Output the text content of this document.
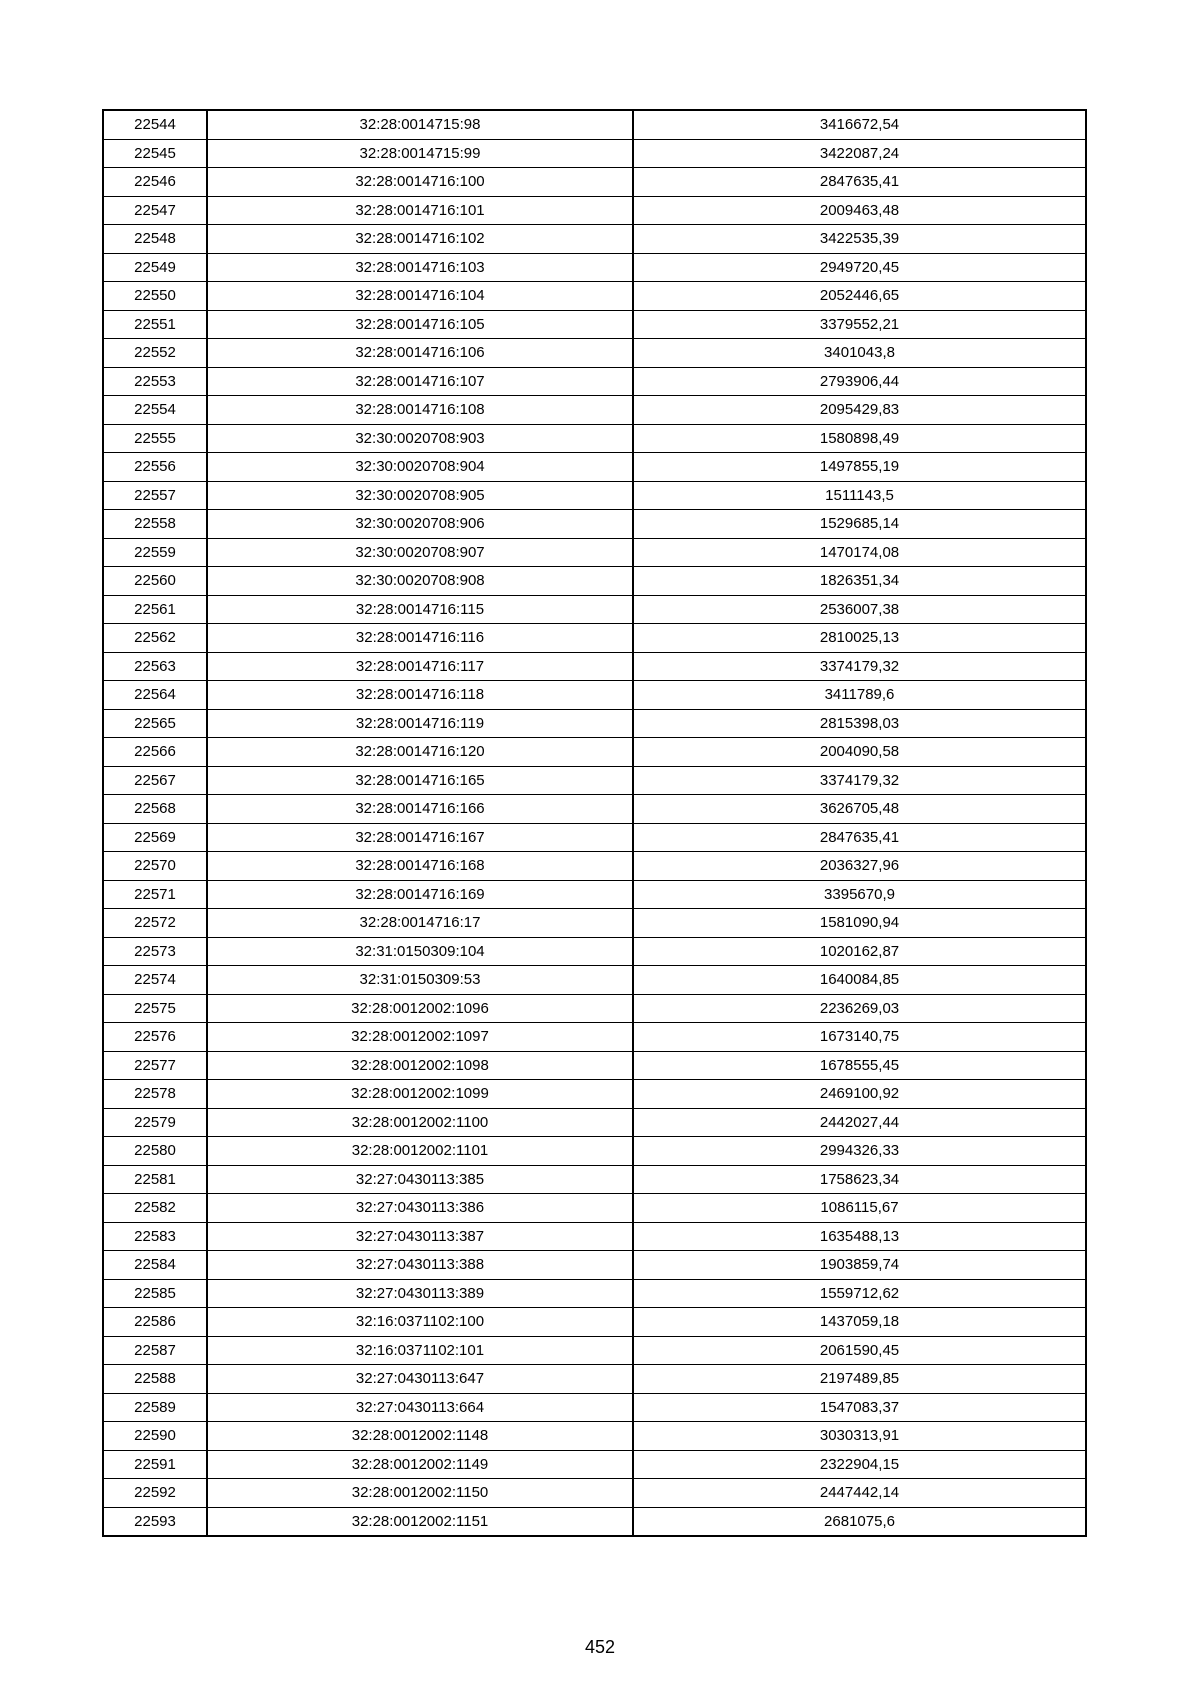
22544	32:28:0014715:98	3416672,54
22545	32:28:0014715:99	3422087,24
22546	32:28:0014716:100	2847635,41
22547	32:28:0014716:101	2009463,48
22548	32:28:0014716:102	3422535,39
22549	32:28:0014716:103	2949720,45
22550	32:28:0014716:104	2052446,65
22551	32:28:0014716:105	3379552,21
22552	32:28:0014716:106	3401043,8
22553	32:28:0014716:107	2793906,44
22554	32:28:0014716:108	2095429,83
22555	32:30:0020708:903	1580898,49
22556	32:30:0020708:904	1497855,19
22557	32:30:0020708:905	1511143,5
22558	32:30:0020708:906	1529685,14
22559	32:30:0020708:907	1470174,08
22560	32:30:0020708:908	1826351,34
22561	32:28:0014716:115	2536007,38
22562	32:28:0014716:116	2810025,13
22563	32:28:0014716:117	3374179,32
22564	32:28:0014716:118	3411789,6
22565	32:28:0014716:119	2815398,03
22566	32:28:0014716:120	2004090,58
22567	32:28:0014716:165	3374179,32
22568	32:28:0014716:166	3626705,48
22569	32:28:0014716:167	2847635,41
22570	32:28:0014716:168	2036327,96
22571	32:28:0014716:169	3395670,9
22572	32:28:0014716:17	1581090,94
22573	32:31:0150309:104	1020162,87
22574	32:31:0150309:53	1640084,85
22575	32:28:0012002:1096	2236269,03
22576	32:28:0012002:1097	1673140,75
22577	32:28:0012002:1098	1678555,45
22578	32:28:0012002:1099	2469100,92
22579	32:28:0012002:1100	2442027,44
22580	32:28:0012002:1101	2994326,33
22581	32:27:0430113:385	1758623,34
22582	32:27:0430113:386	1086115,67
22583	32:27:0430113:387	1635488,13
22584	32:27:0430113:388	1903859,74
22585	32:27:0430113:389	1559712,62
22586	32:16:0371102:100	1437059,18
22587	32:16:0371102:101	2061590,45
22588	32:27:0430113:647	2197489,85
22589	32:27:0430113:664	1547083,37
22590	32:28:0012002:1148	3030313,91
22591	32:28:0012002:1149	2322904,15
22592	32:28:0012002:1150	2447442,14
22593	32:28:0012002:1151	2681075,6
452
